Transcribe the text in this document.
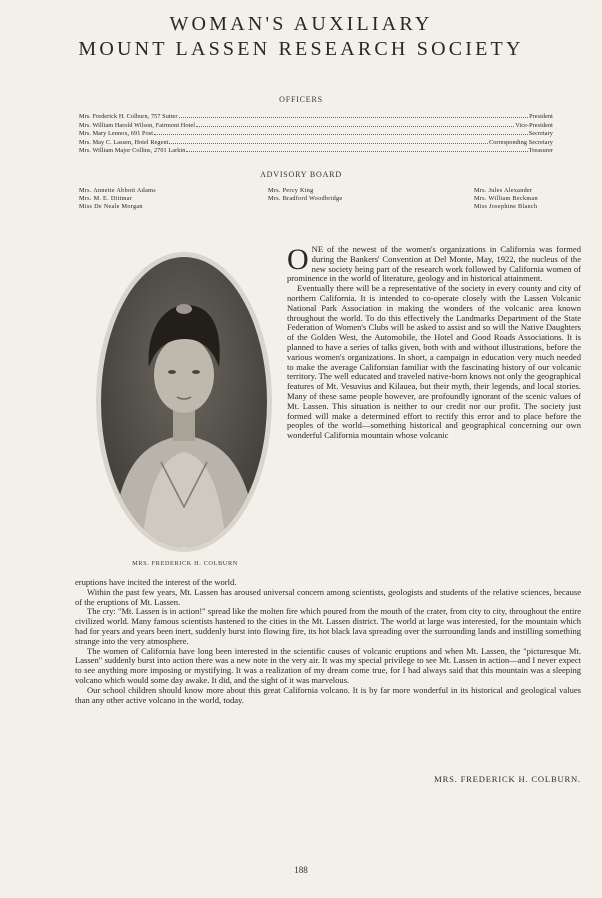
WOMAN'S AUXILIARY
MOUNT LASSEN RESEARCH SOCIETY
OFFICERS
Mrs. Frederick H. Colburn, 757 Sutter	President
Mrs. William Harold Wilson, Fairmont Hotel	Vice-President
Mrs. Mary Lennox, 691 Post	Secretary
Mrs. May C. Lassen, Hotel Regent	Corresponding Secretary
Mrs. William Major Collins, 2701 Larkin	Treasurer
ADVISORY BOARD
Mrs. Annette Abbott Adams
Mrs. M. E. Dittmar
Miss De Neale Morgan
Mrs. Percy King
Mrs. Bradford Woodbridge
Mrs. Jules Alexander
Mrs. William Beckman
Miss Josephine Blanch
MRS. FREDERICK H. COLBURN

ONE of the newest of the women's organizations in California was formed during the Bankers' Convention at Del Monte, May, 1922, the nucleus of the new society being part of the research work followed by California women of prominence in the world of literature, geology and in historical attainment.

Eventually there will be a representative of the society in every county and city of northern California. It is intended to co-operate closely with the Lassen Volcanic National Park Association in making the wonders of the volcanic area known throughout the world. To do this effectively the Landmarks Department of the State Federation of Women's Clubs will be asked to assist and so will the Native Daughters of the Golden West, the Automobile, the Hotel and Good Roads Associations. It is planned to have a series of talks given, both with and without illustrations, before the various women's organizations. In short, a campaign in education very much needed to make the average Californian familiar with the fascinating history of our volcanic territory. The well educated and traveled native-born knows not only the geographical features of Mt. Vesuvius and Kilauea, but their myth, their legends, and local stories. Many of these same people however, are profoundly ignorant of the scenic values of Mt. Lassen. This situation is neither to our credit nor our profit. The society just formed will make a determined effort to rectify this error and to place before the peoples of the world—something historical and geographical concerning our own wonderful California mountain whose volcanic

eruptions have incited the interest of the world.

Within the past few years, Mt. Lassen has aroused universal concern among scientists, geologists and students of the relative sciences, because of the eruptions of Mt. Lassen.

The cry: "Mt. Lassen is in action!" spread like the molten fire which poured from the mouth of the crater, from city to city, throughout the entire civilized world. Many famous scientists hastened to the cities in the Mt. Lassen district. The world at large was interested, for the mountain which had for years and years been inert, suddenly burst into flowing fire, its hot black lava spreading over the surrounding lands and instilling something strange into the very atmosphere.

The women of California have long been interested in the scientific causes of volcanic eruptions and when Mt. Lassen, the "picturesque Mt. Lassen" suddenly burst into action there was a new note in the very air. It was my special privilege to see Mt. Lassen in action—and I never expect to see anything more imposing or mystifying. It was a realization of my dream come true, for I had always said that this mountain was a sleeping volcano which would some day awake. It did, and the sight of it was marvelous.

Our school children should know more about this great California volcano. It is by far more wonderful in its historical and geological values than any other active volcano in the world, today.

MRS. FREDERICK H. COLBURN.
188
